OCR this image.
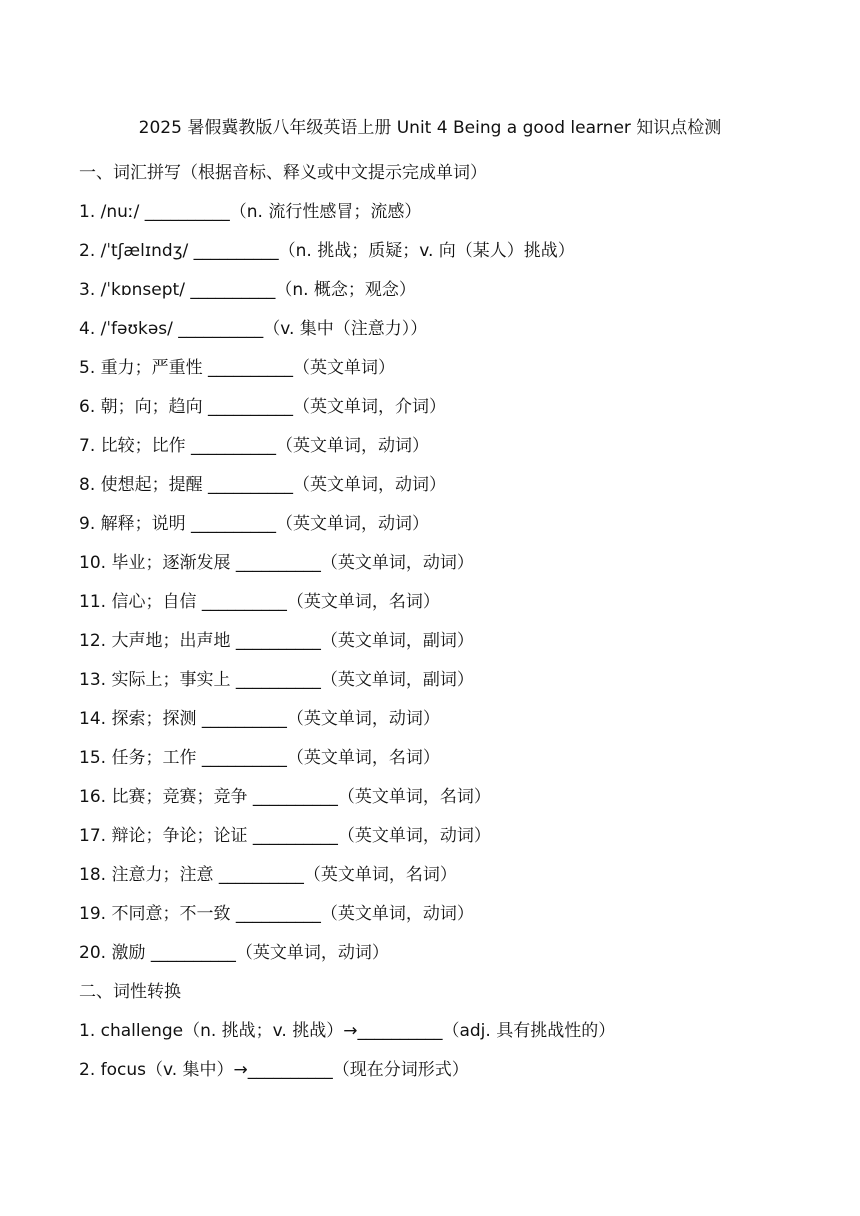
2025 暑假冀教版八年级英语上册 Unit 4 Being a good learner 知识点检测
一、词汇拼写（根据音标、释义或中文提示完成单词）
1. /nuː/ __________（n. 流行性感冒；流感）
2. /ˈtʃælɪndʒ/ __________（n. 挑战；质疑；v. 向（某人）挑战）
3. /ˈkɒnsept/ __________（n. 概念；观念）
4. /ˈfəʊkəs/ __________（v. 集中（注意力））
5. 重力；严重性 __________（英文单词）
6. 朝；向；趋向 __________（英文单词，介词）
7. 比较；比作 __________（英文单词，动词）
8. 使想起；提醒 __________（英文单词，动词）
9. 解释；说明 __________（英文单词，动词）
10. 毕业；逐渐发展 __________（英文单词，动词）
11. 信心；自信 __________（英文单词，名词）
12. 大声地；出声地 __________（英文单词，副词）
13. 实际上；事实上 __________（英文单词，副词）
14. 探索；探测 __________（英文单词，动词）
15. 任务；工作 __________（英文单词，名词）
16. 比赛；竞赛；竞争 __________（英文单词，名词）
17. 辩论；争论；论证 __________（英文单词，动词）
18. 注意力；注意 __________（英文单词，名词）
19. 不同意；不一致 __________（英文单词，动词）
20. 激励 __________（英文单词，动词）
二、词性转换
1. challenge（n. 挑战；v. 挑战）→__________（adj. 具有挑战性的）
2. focus（v. 集中）→__________（现在分词形式）
